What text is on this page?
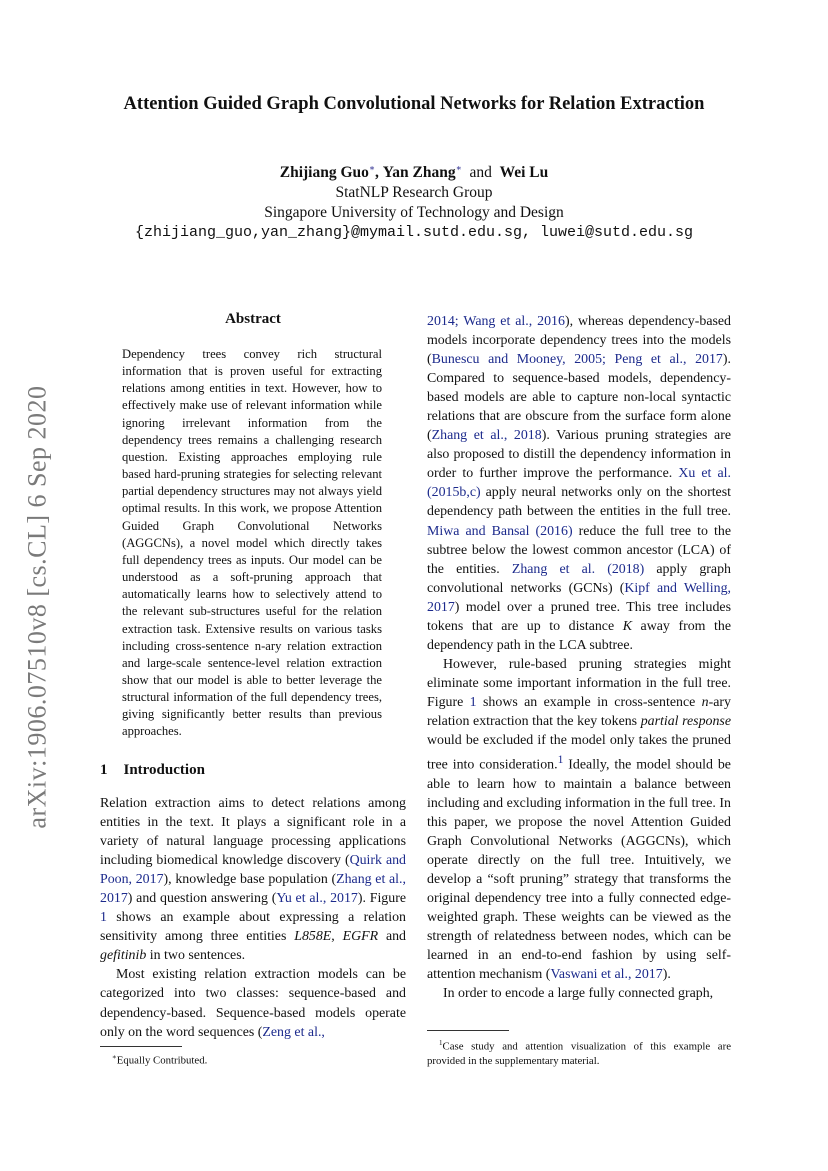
arXiv:1906.07510v8 [cs.CL] 6 Sep 2020
Attention Guided Graph Convolutional Networks for Relation Extraction
Zhijiang Guo∗, Yan Zhang∗ and Wei Lu
StatNLP Research Group
Singapore University of Technology and Design
{zhijiang_guo,yan_zhang}@mymail.sutd.edu.sg, luwei@sutd.edu.sg
Abstract
Dependency trees convey rich structural information that is proven useful for extracting relations among entities in text. However, how to effectively make use of relevant information while ignoring irrelevant information from the dependency trees remains a challenging research question. Existing approaches employing rule based hard-pruning strategies for selecting relevant partial dependency structures may not always yield optimal results. In this work, we propose Attention Guided Graph Convolutional Networks (AGGCNs), a novel model which directly takes full dependency trees as inputs. Our model can be understood as a soft-pruning approach that automatically learns how to selectively attend to the relevant sub-structures useful for the relation extraction task. Extensive results on various tasks including cross-sentence n-ary relation extraction and large-scale sentence-level relation extraction show that our model is able to better leverage the structural information of the full dependency trees, giving significantly better results than previous approaches.
1 Introduction

Relation extraction aims to detect relations among entities in the text. It plays a significant role in a variety of natural language processing applications including biomedical knowledge discovery (Quirk and Poon, 2017), knowledge base population (Zhang et al., 2017) and question answering (Yu et al., 2017). Figure 1 shows an example about expressing a relation sensitivity among three entities L858E, EGFR and gefitinib in two sentences.

Most existing relation extraction models can be categorized into two classes: sequence-based and dependency-based. Sequence-based models operate only on the word sequences (Zeng et al.,

2014; Wang et al., 2016), whereas dependency-based models incorporate dependency trees into the models (Bunescu and Mooney, 2005; Peng et al., 2017). Compared to sequence-based models, dependency-based models are able to capture non-local syntactic relations that are obscure from the surface form alone (Zhang et al., 2018). Various pruning strategies are also proposed to distill the dependency information in order to further improve the performance. Xu et al. (2015b,c) apply neural networks only on the shortest dependency path between the entities in the full tree. Miwa and Bansal (2016) reduce the full tree to the subtree below the lowest common ancestor (LCA) of the entities. Zhang et al. (2018) apply graph convolutional networks (GCNs) (Kipf and Welling, 2017) model over a pruned tree. This tree includes tokens that are up to distance K away from the dependency path in the LCA subtree.

However, rule-based pruning strategies might eliminate some important information in the full tree. Figure 1 shows an example in cross-sentence n-ary relation extraction that the key tokens partial response would be excluded if the model only takes the pruned tree into consideration.$^1$ Ideally, the model should be able to learn how to maintain a balance between including and excluding information in the full tree. In this paper, we propose the novel Attention Guided Graph Convolutional Networks (AGGCNs), which operate directly on the full tree. Intuitively, we develop a “soft pruning” strategy that transforms the original dependency tree into a fully connected edge-weighted graph. These weights can be viewed as the strength of relatedness between nodes, which can be learned in an end-to-end fashion by using self-attention mechanism (Vaswani et al., 2017).

In order to encode a large fully connected graph,

∗Equally Contributed.
$^1$Case study and attention visualization of this example are provided in the supplementary material.
